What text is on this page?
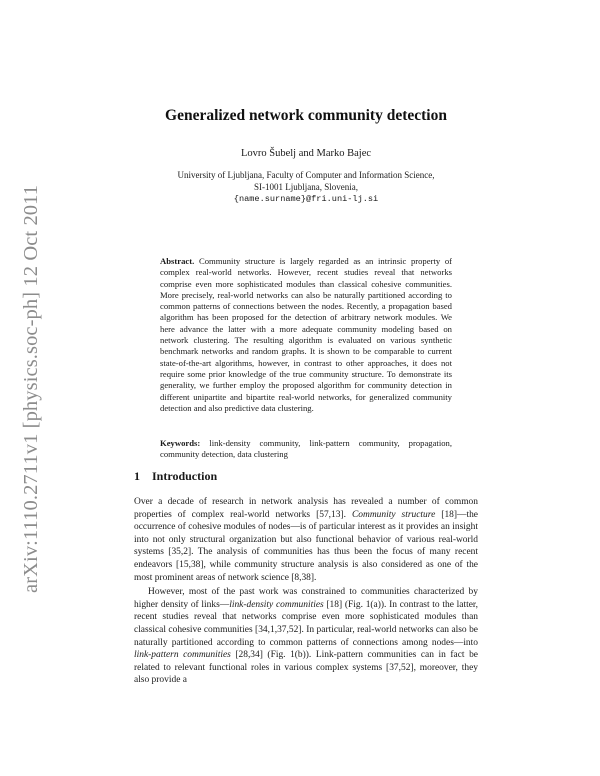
arXiv:1110.2711v1 [physics.soc-ph] 12 Oct 2011
Generalized network community detection
Lovro Šubelj and Marko Bajec
University of Ljubljana, Faculty of Computer and Information Science,
SI-1001 Ljubljana, Slovenia,
{name.surname}@fri.uni-lj.si
Abstract. Community structure is largely regarded as an intrinsic property of complex real-world networks. However, recent studies reveal that networks comprise even more sophisticated modules than classical cohesive communities. More precisely, real-world networks can also be naturally partitioned according to common patterns of connections between the nodes. Recently, a propagation based algorithm has been proposed for the detection of arbitrary network modules. We here advance the latter with a more adequate community modeling based on network clustering. The resulting algorithm is evaluated on various synthetic benchmark networks and random graphs. It is shown to be comparable to current state-of-the-art algorithms, however, in contrast to other approaches, it does not require some prior knowledge of the true community structure. To demonstrate its generality, we further employ the proposed algorithm for community detection in different unipartite and bipartite real-world networks, for generalized community detection and also predictive data clustering.
Keywords: link-density community, link-pattern community, propagation, community detection, data clustering
1 Introduction

Over a decade of research in network analysis has revealed a number of common properties of complex real-world networks [57,13]. Community structure [18]—the occurrence of cohesive modules of nodes—is of particular interest as it provides an insight into not only structural organization but also functional behavior of various real-world systems [35,2]. The analysis of communities has thus been the focus of many recent endeavors [15,38], while community structure analysis is also considered as one of the most prominent areas of network science [8,38].

However, most of the past work was constrained to communities characterized by higher density of links—link-density communities [18] (Fig. 1(a)). In contrast to the latter, recent studies reveal that networks comprise even more sophisticated modules than classical cohesive communities [34,1,37,52]. In particular, real-world networks can also be naturally partitioned according to common patterns of connections among nodes—into link-pattern communities [28,34] (Fig. 1(b)). Link-pattern communities can in fact be related to relevant functional roles in various complex systems [37,52], moreover, they also provide a
